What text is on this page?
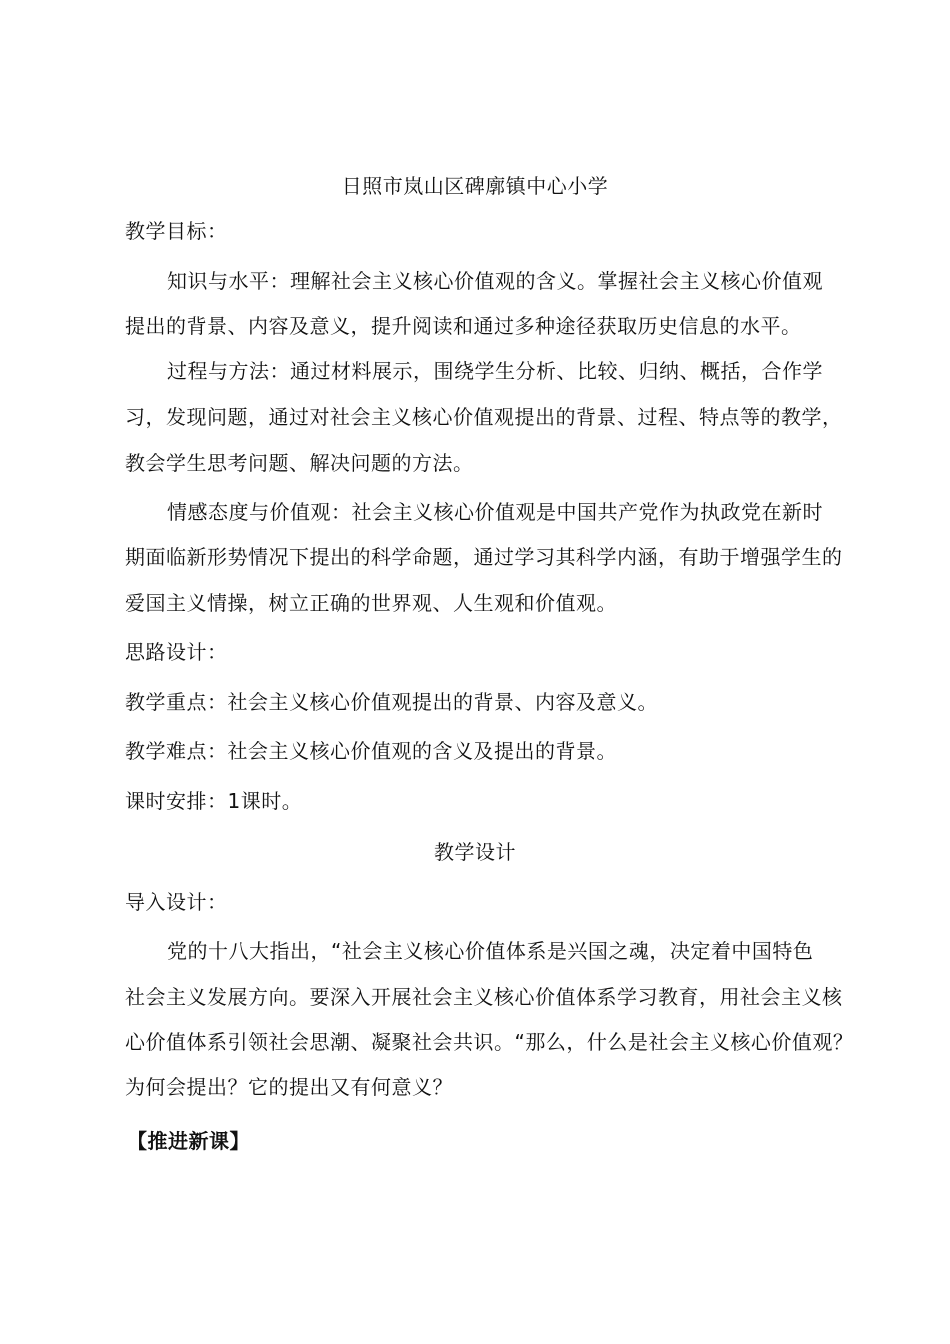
日照市岚山区碑廓镇中心小学
教学目标：
知识与水平：理解社会主义核心价值观的含义。掌握社会主义核心价值观
提出的背景、内容及意义，提升阅读和通过多种途径获取历史信息的水平。
过程与方法：通过材料展示，围绕学生分析、比较、归纳、概括，合作学
习，发现问题，通过对社会主义核心价值观提出的背景、过程、特点等的教学，
教会学生思考问题、解决问题的方法。
情感态度与价值观：社会主义核心价值观是中国共产党作为执政党在新时
期面临新形势情况下提出的科学命题，通过学习其科学内涵，有助于增强学生的
爱国主义情操，树立正确的世界观、人生观和价值观。
思路设计：
教学重点：社会主义核心价值观提出的背景、内容及意义。
教学难点：社会主义核心价值观的含义及提出的背景。
课时安排：1课时。
教学设计
导入设计：
党的十八大指出，“社会主义核心价值体系是兴国之魂，决定着中国特色
社会主义发展方向。要深入开展社会主义核心价值体系学习教育，用社会主义核
心价值体系引领社会思潮、凝聚社会共识。“那么，什么是社会主义核心价值观？
为何会提出？它的提出又有何意义？
【推进新课】
